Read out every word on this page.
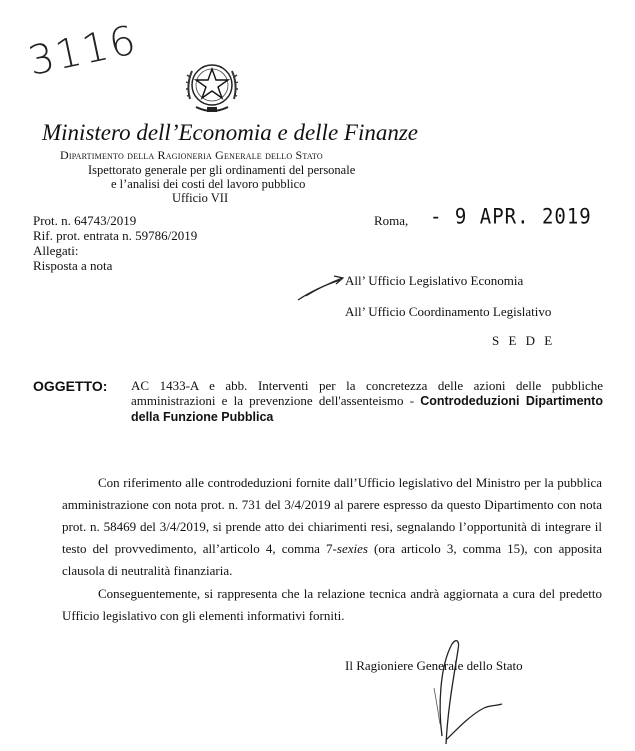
3116
Ministero dell’Economia e delle Finanze
Dipartimento della Ragioneria Generale dello Stato
Ispettorato generale per gli ordinamenti del personale
e l’analisi dei costi del lavoro pubblico
Ufficio VII
Prot. n. 64743/2019
Rif. prot. entrata n. 59786/2019
Allegati:
Risposta a nota
Roma, - 9 APR. 2019
All’ Ufficio Legislativo Economia
All’ Ufficio Coordinamento Legislativo
S E D E
OGGETTO: AC 1433-A e abb. Interventi per la concretezza delle azioni delle pubbliche amministrazioni e la prevenzione dell'assenteismo - Controdeduzioni Dipartimento della Funzione Pubblica
Con riferimento alle controdeduzioni fornite dall’Ufficio legislativo del Ministro per la pubblica amministrazione con nota prot. n. 731 del 3/4/2019 al parere espresso da questo Dipartimento con nota prot. n. 58469 del 3/4/2019, si prende atto dei chiarimenti resi, segnalando l’opportunità di integrare il testo del provvedimento, all’articolo 4, comma 7-sexies (ora articolo 3, comma 15), con apposita clausola di neutralità finanziaria.
Conseguentemente, si rappresenta che la relazione tecnica andrà aggiornata a cura del predetto Ufficio legislativo con gli elementi informativi forniti.
Il Ragioniere Generale dello Stato
